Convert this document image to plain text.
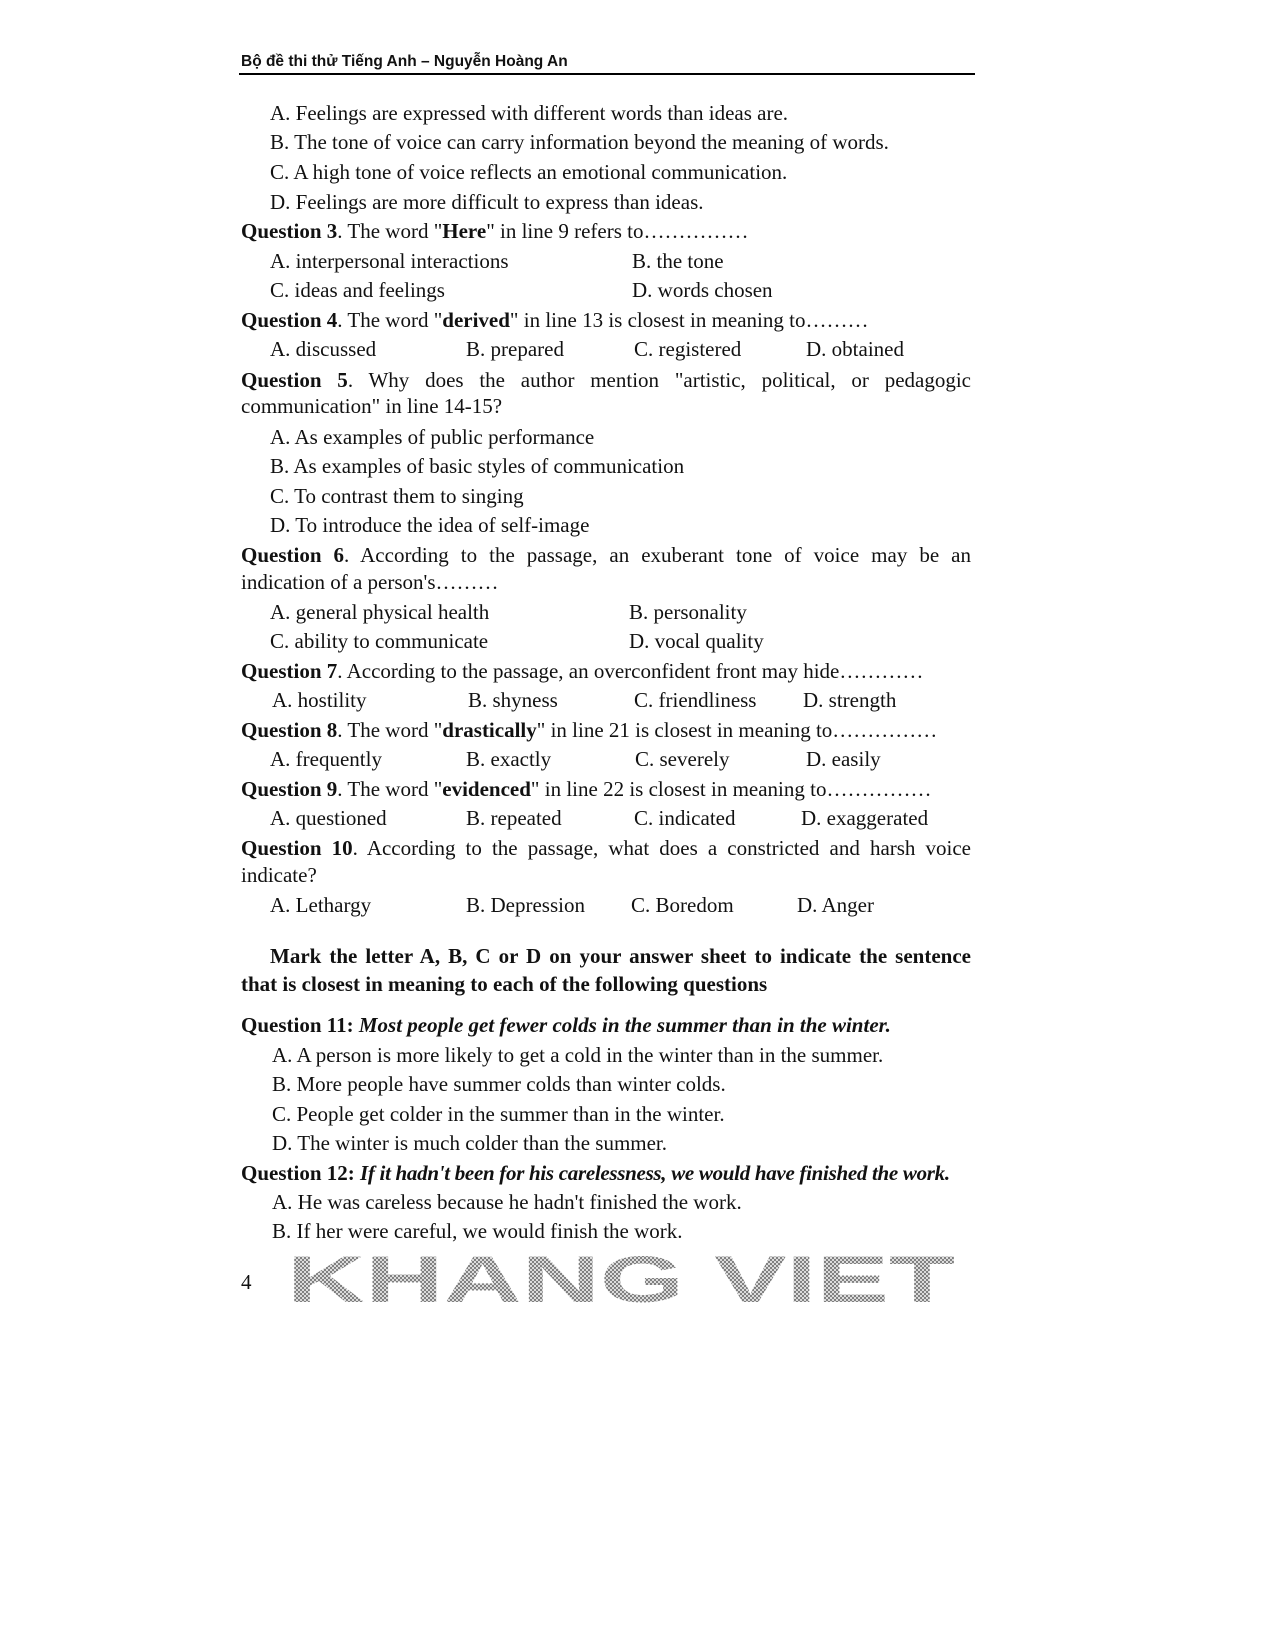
Bộ đề thi thử Tiếng Anh – Nguyễn Hoàng An
A. Feelings are expressed with different words than ideas are.
B. The tone of voice can carry information beyond the meaning of words.
C. A high tone of voice reflects an emotional communication.
D. Feelings are more difficult to express than ideas.
Question 3. The word "Here" in line 9 refers to……………
A. interpersonal interactions	B. the tone
C. ideas and feelings	D. words chosen
Question 4. The word "derived" in line 13 is closest in meaning to………
A. discussed	B. prepared	C. registered	D. obtained
Question 5. Why does the author mention "artistic, political, or pedagogic
communication" in line 14-15?
A. As examples of public performance
B. As examples of basic styles of communication
C. To contrast them to singing
D. To introduce the idea of self-image
Question 6. According to the passage, an exuberant tone of voice may be an
indication of a person's………
A. general physical health	B. personality
C. ability to communicate	D. vocal quality
Question 7. According to the passage, an overconfident front may hide…………
A. hostility	B. shyness	C. friendliness D. strength
Question 8. The word "drastically" in line 21 is closest in meaning to……………
A. frequently	B. exactly	C. severely	D. easily
Question 9. The word "evidenced" in line 22 is closest in meaning to……………
A. questioned	B. repeated	C. indicated	D. exaggerated
Question 10. According to the passage, what does a constricted and harsh voice
indicate?
A. Lethargy	B. Depression C. Boredom	D. Anger
Mark the letter A, B, C or D on your answer sheet to indicate the sentence
that is closest in meaning to each of the following questions
Question 11: Most people get fewer colds in the summer than in the winter.
A. A person is more likely to get a cold in the winter than in the summer.
B. More people have summer colds than winter colds.
C. People get colder in the summer than in the winter.
D. The winter is much colder than the summer.
Question 12: If it hadn't been for his carelessness, we would have finished the work.
A. He was careless because he hadn't finished the work.
B. If her were careful, we would finish the work.
KHANG VIET
4
